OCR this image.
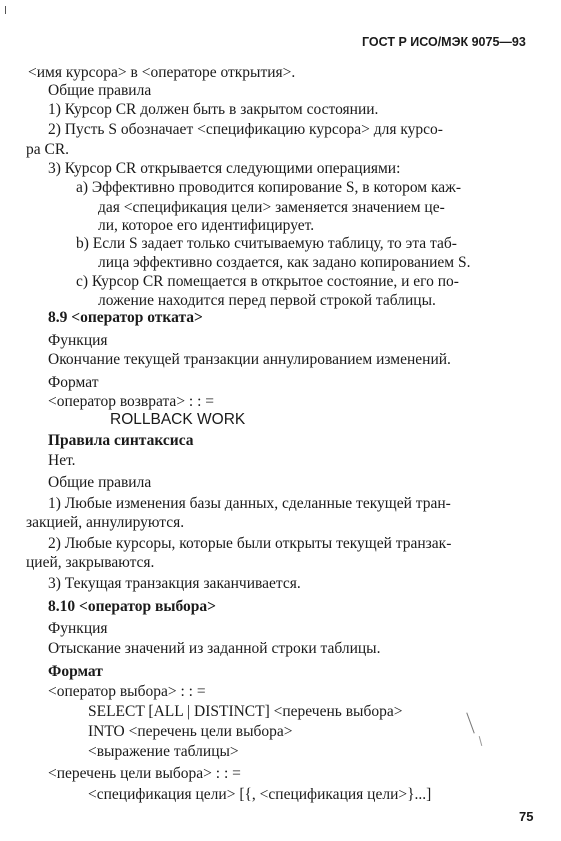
ГОСТ Р ИСО/МЭК 9075—93
<имя курсора> в <операторе открытия>.
Общие правила
1) Курсор CR должен быть в закрытом состоянии.
2) Пусть S обозначает <спецификацию курсора> для курсо-
ра CR.
3) Курсор CR открывается следующими операциями:
a) Эффективно проводится копирование S, в котором каж-
дая <спецификация цели> заменяется значением це-
ли, которое его идентифицирует.
b) Если S задает только считываемую таблицу, то эта таб-
лица эффективно создается, как задано копированием S.
c) Курсор CR помещается в открытое состояние, и его по-
ложение находится перед первой строкой таблицы.
8.9 <оператор отката>
Функция
Окончание текущей транзакции аннулированием изменений.
Формат
<оператор возврата> : : =
ROLLBACK WORK
Правила синтаксиса
Нет.
Общие правила
1) Любые изменения базы данных, сделанные текущей тран-
закцией, аннулируются.
2) Любые курсоры, которые были открыты текущей транзак-
цией, закрываются.
3) Текущая транзакция заканчивается.
8.10 <оператор выбора>
Функция
Отыскание значений из заданной строки таблицы.
Формат
<оператор выбора> : : =
SELECT [ALL | DISTINCT] <перечень выбора>
INTO <перечень цели выбора>
<выражение таблицы>
<перечень цели выбора> : : =
<спецификация цели> [{, <спецификация цели>}...]
75
